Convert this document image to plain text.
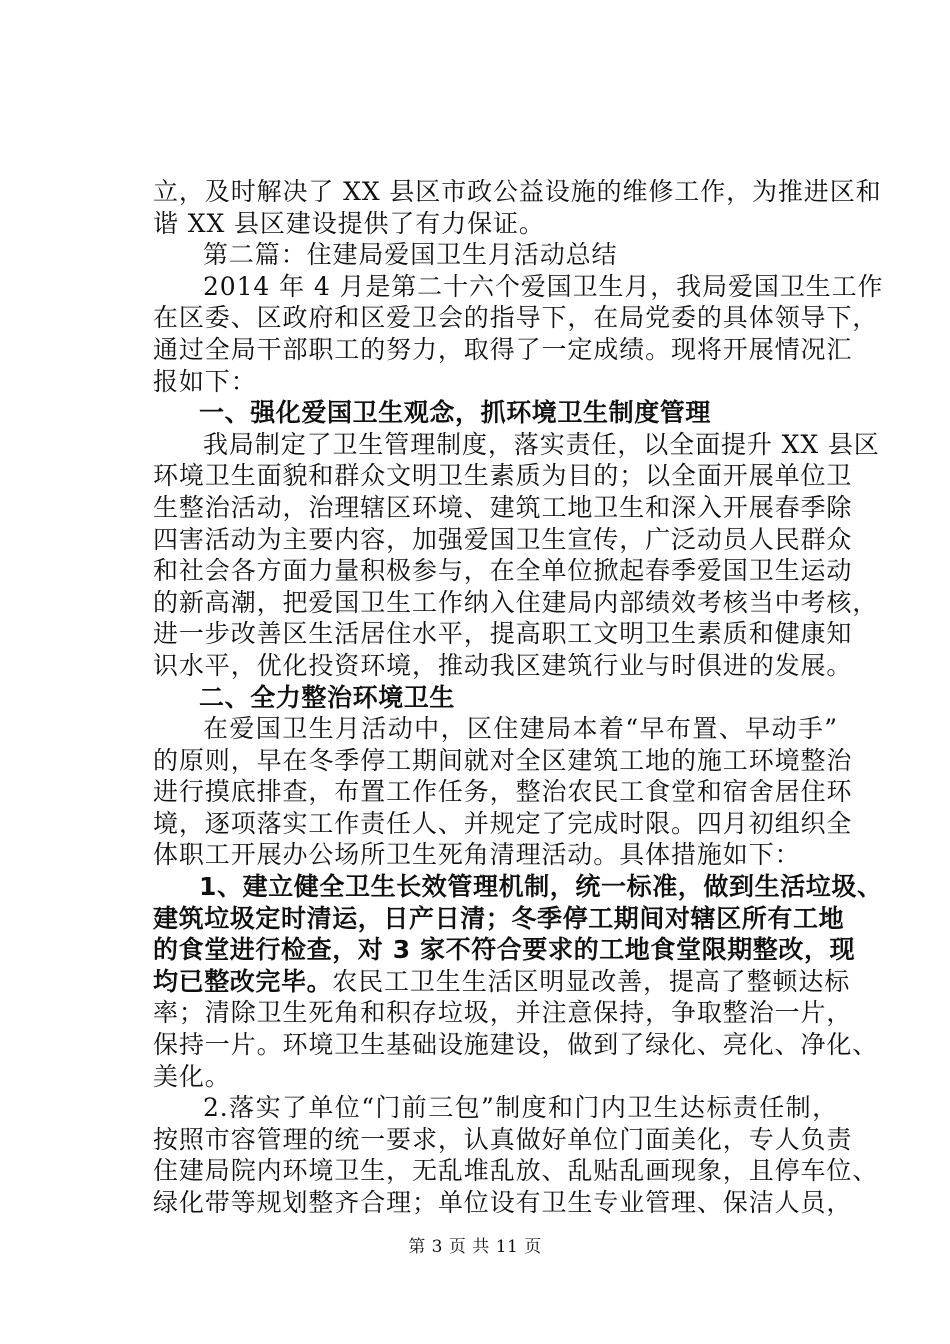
立，及时解决了 XX 县区市政公益设施的维修工作，为推进区和
谐 XX 县区建设提供了有力保证。
第二篇：住建局爱国卫生月活动总结
2014 年 4 月是第二十六个爱国卫生月，我局爱国卫生工作
在区委、区政府和区爱卫会的指导下，在局党委的具体领导下，
通过全局干部职工的努力，取得了一定成绩。现将开展情况汇
报如下：
一、强化爱国卫生观念，抓环境卫生制度管理
我局制定了卫生管理制度，落实责任，以全面提升 XX 县区
环境卫生面貌和群众文明卫生素质为目的；以全面开展单位卫
生整治活动，治理辖区环境、建筑工地卫生和深入开展春季除
四害活动为主要内容，加强爱国卫生宣传，广泛动员人民群众
和社会各方面力量积极参与，在全单位掀起春季爱国卫生运动
的新高潮，把爱国卫生工作纳入住建局内部绩效考核当中考核，
进一步改善区生活居住水平，提高职工文明卫生素质和健康知
识水平，优化投资环境，推动我区建筑行业与时俱进的发展。
二、全力整治环境卫生
在爱国卫生月活动中，区住建局本着“早布置、早动手”
的原则，早在冬季停工期间就对全区建筑工地的施工环境整治
进行摸底排查，布置工作任务，整治农民工食堂和宿舍居住环
境，逐项落实工作责任人、并规定了完成时限。四月初组织全
体职工开展办公场所卫生死角清理活动。具体措施如下：
1、建立健全卫生长效管理机制，统一标准，做到生活垃圾、
建筑垃圾定时清运，日产日清；冬季停工期间对辖区所有工地
的食堂进行检查，对 3 家不符合要求的工地食堂限期整改，现
均已整改完毕。农民工卫生生活区明显改善，提高了整顿达标
率；清除卫生死角和积存垃圾，并注意保持，争取整治一片，
保持一片。环境卫生基础设施建设，做到了绿化、亮化、净化、
美化。
2.落实了单位“门前三包”制度和门内卫生达标责任制，
按照市容管理的统一要求，认真做好单位门面美化，专人负责
住建局院内环境卫生，无乱堆乱放、乱贴乱画现象，且停车位、
绿化带等规划整齐合理；单位设有卫生专业管理、保洁人员，
第 3 页 共 11 页
